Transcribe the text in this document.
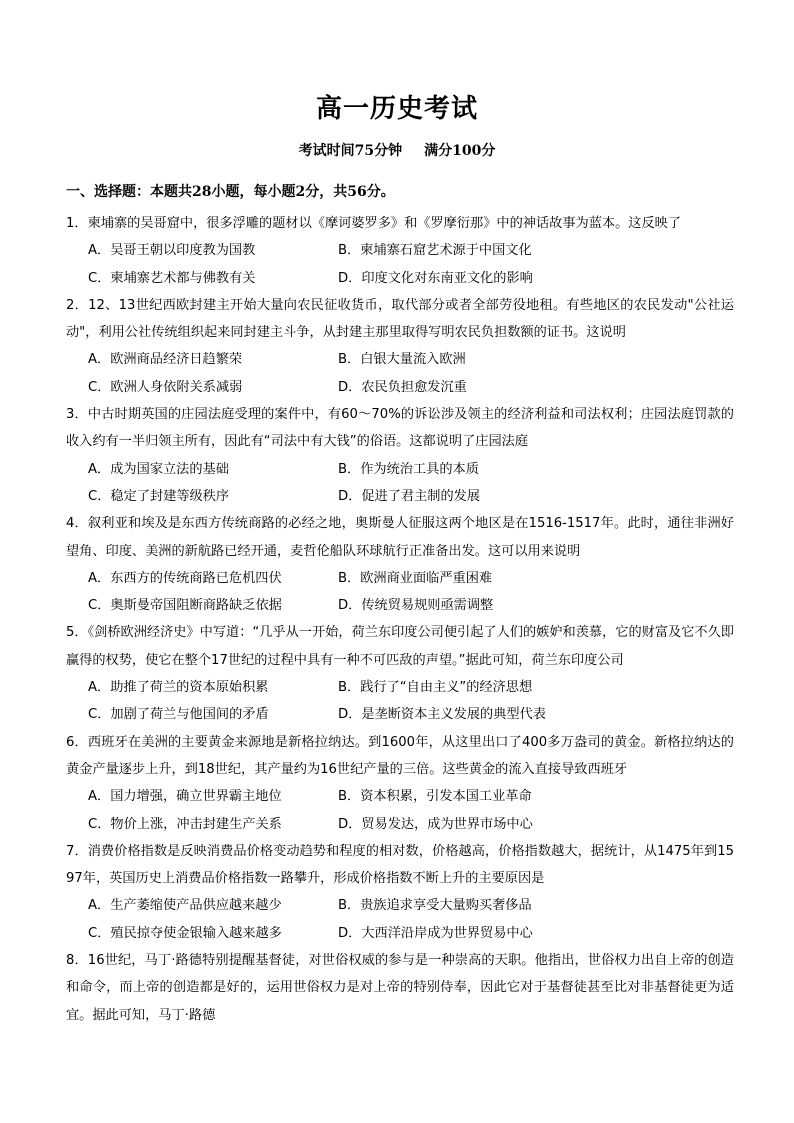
高一历史考试
考试时间75分钟 满分100分
一、选择题：本题共28小题，每小题2分，共56分。

1．柬埔寨的吴哥窟中，很多浮雕的题材以《摩诃婆罗多》和《罗摩衍那》中的神话故事为蓝本。这反映了

A．吴哥王朝以印度教为国教	B．柬埔寨石窟艺术源于中国文化
C．柬埔寨艺术都与佛教有关	D．印度文化对东南亚文化的影响

2．12、13世纪西欧封建主开始大量向农民征收货币，取代部分或者全部劳役地租。有些地区的农民发动"公社运动"，利用公社传统组织起来同封建主斗争，从封建主那里取得写明农民负担数额的证书。这说明

A．欧洲商品经济日趋繁荣	B．白银大量流入欧洲
C．欧洲人身依附关系减弱	D．农民负担愈发沉重

3．中古时期英国的庄园法庭受理的案件中，有60～70%的诉讼涉及领主的经济利益和司法权利；庄园法庭罚款的收入约有一半归领主所有，因此有“司法中有大钱”的俗语。这都说明了庄园法庭

A．成为国家立法的基础	B．作为统治工具的本质
C．稳定了封建等级秩序	D．促进了君主制的发展

4．叙利亚和埃及是东西方传统商路的必经之地，奥斯曼人征服这两个地区是在1516-1517年。此时，通往非洲好望角、印度、美洲的新航路已经开通，麦哲伦船队环球航行正准备出发。这可以用来说明

A．东西方的传统商路已危机四伏	B．欧洲商业面临严重困难
C．奥斯曼帝国阻断商路缺乏依据	D．传统贸易规则亟需调整

5．《剑桥欧洲经济史》中写道：“几乎从一开始，荷兰东印度公司便引起了人们的嫉妒和羡慕，它的财富及它不久即赢得的权势，使它在整个17世纪的过程中具有一种不可匹敌的声望。”据此可知，荷兰东印度公司

A．助推了荷兰的资本原始积累	B．践行了“自由主义”的经济思想
C．加剧了荷兰与他国间的矛盾	D．是垄断资本主义发展的典型代表

6．西班牙在美洲的主要黄金来源地是新格拉纳达。到1600年，从这里出口了400多万盎司的黄金。新格拉纳达的黄金产量逐步上升，到18世纪，其产量约为16世纪产量的三倍。这些黄金的流入直接导致西班牙

A．国力增强，确立世界霸主地位	B．资本积累，引发本国工业革命
C．物价上涨，冲击封建生产关系	D．贸易发达，成为世界市场中心

7．消费价格指数是反映消费品价格变动趋势和程度的相对数，价格越高，价格指数越大，据统计，从1475年到1597年，英国历史上消费品价格指数一路攀升，形成价格指数不断上升的主要原因是

A．生产萎缩使产品供应越来越少	B．贵族追求享受大量购买奢侈品
C．殖民掠夺使金银输入越来越多	D．大西洋沿岸成为世界贸易中心

8．16世纪，马丁·路德特别提醒基督徒，对世俗权威的参与是一种崇高的天职。他指出，世俗权力出自上帝的创造和命令，而上帝的创造都是好的，运用世俗权力是对上帝的特别侍奉，因此它对于基督徒甚至比对非基督徒更为适宜。据此可知，马丁·路德
